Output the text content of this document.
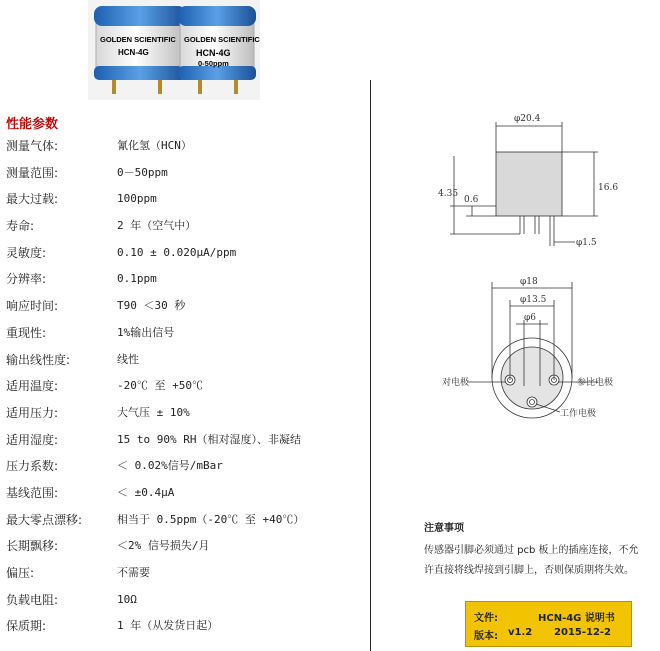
GOLDEN SCIENTIFIC
HCN-4G
GOLDEN SCIENTIFIC
HCN-4G
0-50ppm
性能参数
测量气体:	氰化氢（HCN）
测量范围:	0－50ppm
最大过载:	100ppm
寿命:	2 年（空气中）
灵敏度:	0.10 ± 0.020μA/ppm
分辨率:	0.1ppm
响应时间:	T90 ＜30 秒
重现性:	1%输出信号
输出线性度:	线性
适用温度:	-20℃ 至 +50℃
适用压力:	大气压 ± 10%
适用湿度:	15 to 90% RH（相对湿度）、非凝结
压力系数:	＜ 0.02%信号/mBar
基线范围:	＜ ±0.4μA
最大零点漂移:	相当于 0.5ppm（-20℃ 至 +40℃）
长期飘移:	＜2% 信号损失/月
偏压:	不需要
负载电阻:	10Ω
保质期:	1 年（从发货日起）
φ20.4
16.6
4.35
0.6
φ1.5
φ18
φ13.5
φ6
对电极	参比电极
工作电极
注意事项
传感器引脚必须通过 pcb 板上的插座连接，不允
许直接将线焊接到引脚上，否则保质期将失效。
文件:	HCN-4G 说明书
版本: v1.2 2015-12-2
